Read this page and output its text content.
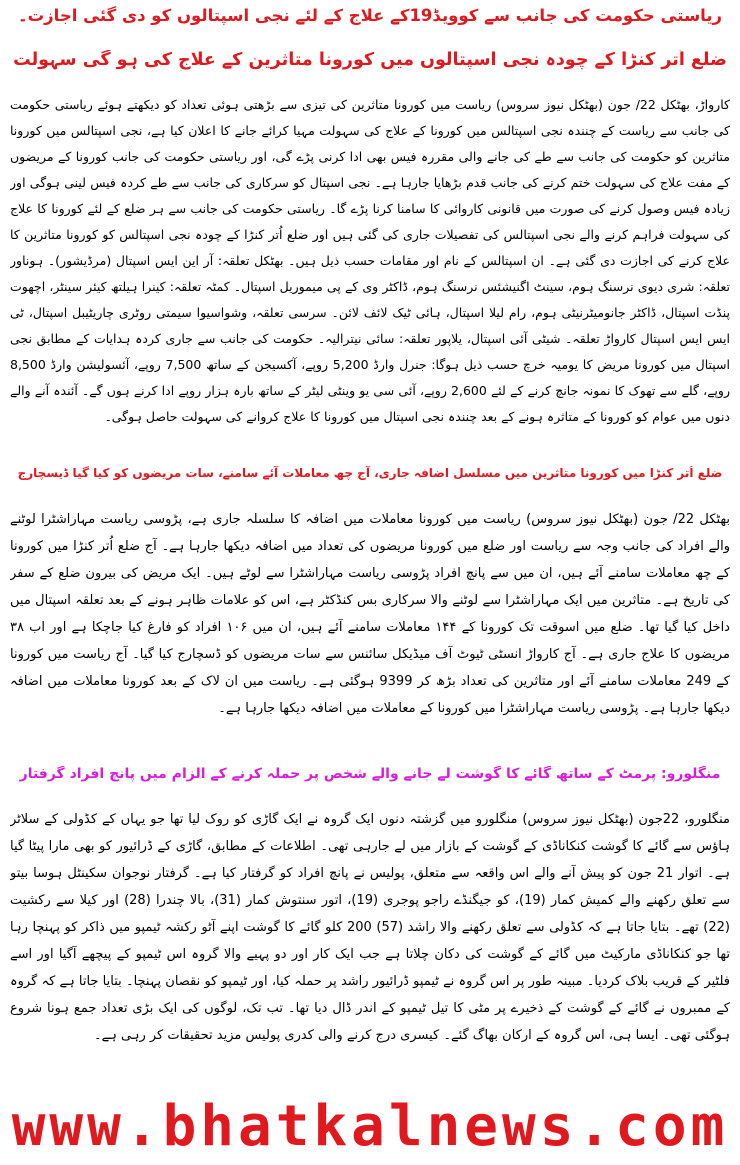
ریاستی حکومت کی جانب سے کوویڈ19کے علاج کے لئے نجی اسپتالوں کو دی گئی اجازت۔
ضلع اُتر کنڑا کے چودہ نجی اسپتالوں میں کورونا متاثرین کے علاج کی ہو گی سہولت

کارواڑ، بھٹکل 22/ جون (بھٹکل نیوز سروس) ریاست میں کورونا متاثرین کی تیزی سے بڑھتی ہوئی تعداد کو دیکھتے ہوئے ریاستی حکومت کی جانب سے ریاست کے چنندہ نجی اسپتالس میں کورونا کے علاج کی سہولت مہیا کرائے جانے کا اعلان کیا ہے، نجی اسپتالس میں کورونا متاثرین کو حکومت کی جانب سے طے کی جانے والی مقررہ فیس بھی ادا کرنی پڑے گی، اور ریاستی حکومت کی جانب کورونا کے مریضوں کے مفت علاج کی سہولت ختم کرنے کی جانب قدم بڑھایا جارہا ہے۔ نجی اسپتال کو سرکاری کی جانب سے طے کردہ فیس لینی ہوگی اور زیادہ فیس وصول کرنے کی صورت میں قانونی کاروائی کا سامنا کرنا پڑے گا۔ ریاستی حکومت کی جانب سے ہر ضلع کے لئے کورونا کا علاج کی سہولت فراہم کرنے والے نجی اسپتالس کی تفصیلات جاری کی گئی ہیں اور ضلع اُتر کنڑا کے چودہ نجی اسپتالس کو کورونا متاثرین کا علاج کرنے کی اجازت دی گئی ہے۔ ان اسپتالس کے نام اور مقامات حسب ذیل ہیں۔ بھٹکل تعلقہ: آر این ایس اسپتال (مرڈیشور)۔ ہوناور تعلقہ: شری دیوی نرسنگ ہوم، سینٹ اگنیشئس نرسنگ ہوم، ڈاکٹر وی کے پی میموریل اسپتال۔ کمٹہ تعلقہ: کینرا ہیلتھ کیئر سینٹر، اچھوت پنڈت اسپتال، ڈاکٹر جانومیٹرنیٹی ہوم، رام لیلا اسپتال، ہائی ٹیک لائف لائن۔ سرسی تعلقہ، وشواسیوا سیمتی روٹری چاریٹیبل اسپتال، ٹی ایس ایس اسپتال کارواڑ تعلقہ۔ شیٹی آئی اسپتال، یلاپور تعلقہ: سائی نیترالیہ۔ حکومت کی جانب سے جاری کردہ ہدایات کے مطابق نجی اسپتال میں کورونا مریض کا یومیہ خرچ حسب ذیل ہوگا: جنرل وارڈ 5,200 روپے، آکسیجن کے ساتھ 7,500 روپے، آئسولیشن وارڈ 8,500 روپے، گلے سے تھوک کا نمونہ جانچ کرنے کے لئے 2,600 روپے، آئی سی یو وینٹی لیٹر کے ساتھ بارہ ہزار روپے ادا کرنے ہوں گے۔ آئندہ آنے والے دنوں میں عوام کو کورونا کے متاثرہ ہونے کے بعد چنندہ نجی اسپتال میں کورونا کا علاج کروانے کی سہولت حاصل ہوگی۔

ضلع اُتر کنڑا میں کورونا متاثرین میں مسلسل اضافہ جاری، آج چھ معاملات آئے سامنے، سات مریضوں کو کیا گیا ڈیسچارج

بھٹکل 22/ جون (بھٹکل نیوز سروس) ریاست میں کورونا معاملات میں اضافہ کا سلسلہ جاری ہے، پڑوسی ریاست مہاراشٹرا لوٹنے والے افراد کی جانب وجہ سے ریاست اور ضلع میں کورونا مریضوں کی تعداد میں اضافہ دیکھا جارہا ہے۔ آج ضلع اُتر کنڑا میں کورونا کے چھ معاملات سامنے آئے ہیں، ان میں سے پانچ افراد پڑوسی ریاست مہاراشٹرا سے لوٹے ہیں۔ ایک مریض کی بیرون ضلع کے سفر کی تاریخ ہے۔ متاثرین میں ایک مہاراشٹرا سے لوٹنے والا سرکاری بس کنڈکٹر ہے، اس کو علامات ظاہر ہونے کے بعد تعلقہ اسپتال میں داخل کیا گیا تھا۔ ضلع میں اسوقت تک کورونا کے ۱۴۴ معاملات سامنے آئے ہیں، ان میں ۱۰۶ افراد کو فارغ کیا جاچکا ہے اور اب ۳۸ مریضوں کا علاج جاری ہے۔ آج کارواڑ انسٹی ٹیوٹ آف میڈیکل سائنس سے سات مریضوں کو ڈسچارج کیا گیا۔ آج ریاست میں کورونا کے 249 معاملات سامنے آئے اور متاثرین کی تعداد بڑھ کر 9399 ہوگئی ہے۔ ریاست میں ان لاک کے بعد کورونا معاملات میں اضافہ دیکھا جارہا ہے۔ پڑوسی ریاست مہاراشٹرا میں کورونا کے معاملات میں اضافہ دیکھا جارہا ہے۔

منگلورو: پرمٹ کے ساتھ گائے کا گوشت لے جانے والے شخص پر حملہ کرنے کے الزام میں پانچ افراد گرفتار

منگلورو، 22جون (بھٹکل نیوز سروس) منگلورو میں گزشتہ دنوں ایک گروہ نے ایک گاڑی کو روک لیا تھا جو یہاں کے کڈولی کے سلاٹر ہاؤس سے گائے کا گوشت کنکاناڈی کے گوشت کے بازار میں لے جارہی تھی۔ اطلاعات کے مطابق، گاڑی کے ڈرائیور کو بھی مارا پیٹا گیا ہے۔ اتوار 21 جون کو پیش آنے والے اس واقعہ سے متعلق، پولیس نے پانچ افراد کو گرفتار کیا ہے۔ گرفتار نوجوان سکینٹل ہوسا بیتو سے تعلق رکھنے والے کمیش کمار (19)، کو جیگنڈے راجو پوجری (19)، اتور سنتوش کمار (31)، بالا چندرا (28) اور کیلا سے رکشیت (22) تھے۔ بتایا جاتا ہے کہ کڈولی سے تعلق رکھنے والا راشد (57) 200 کلو گائے کا گوشت اپنے آٹو رکشہ ٹیمپو میں ذاکر کو پہنچا رہا تھا جو کنکاناڈی مارکیٹ میں گائے کے گوشت کی دکان چلاتا ہے جب ایک کار اور دو پہیے والا گروہ اس ٹیمپو کے پیچھے آگیا اور اسے فلٹیر کے قریب بلاک کردیا۔ مبینہ طور پر اس گروہ نے ٹیمپو ڈرائیور راشد پر حملہ کیا، اور ٹیمپو کو نقصان پہنچا۔ بتایا جاتا ہے کہ گروہ کے ممبروں نے گائے کے گوشت کے ذخیرے پر مٹی کا تیل ٹیمپو کے اندر ڈال دیا تھا۔ تب تک، لوگوں کی ایک بڑی تعداد جمع ہونا شروع ہوگئی تھی۔ ایسا ہی، اس گروہ کے ارکان بھاگ گئے۔ کیسری درج کرنے والی کدری پولیس مزید تحقیقات کر رہی ہے۔

www.bhatkalnews.com
